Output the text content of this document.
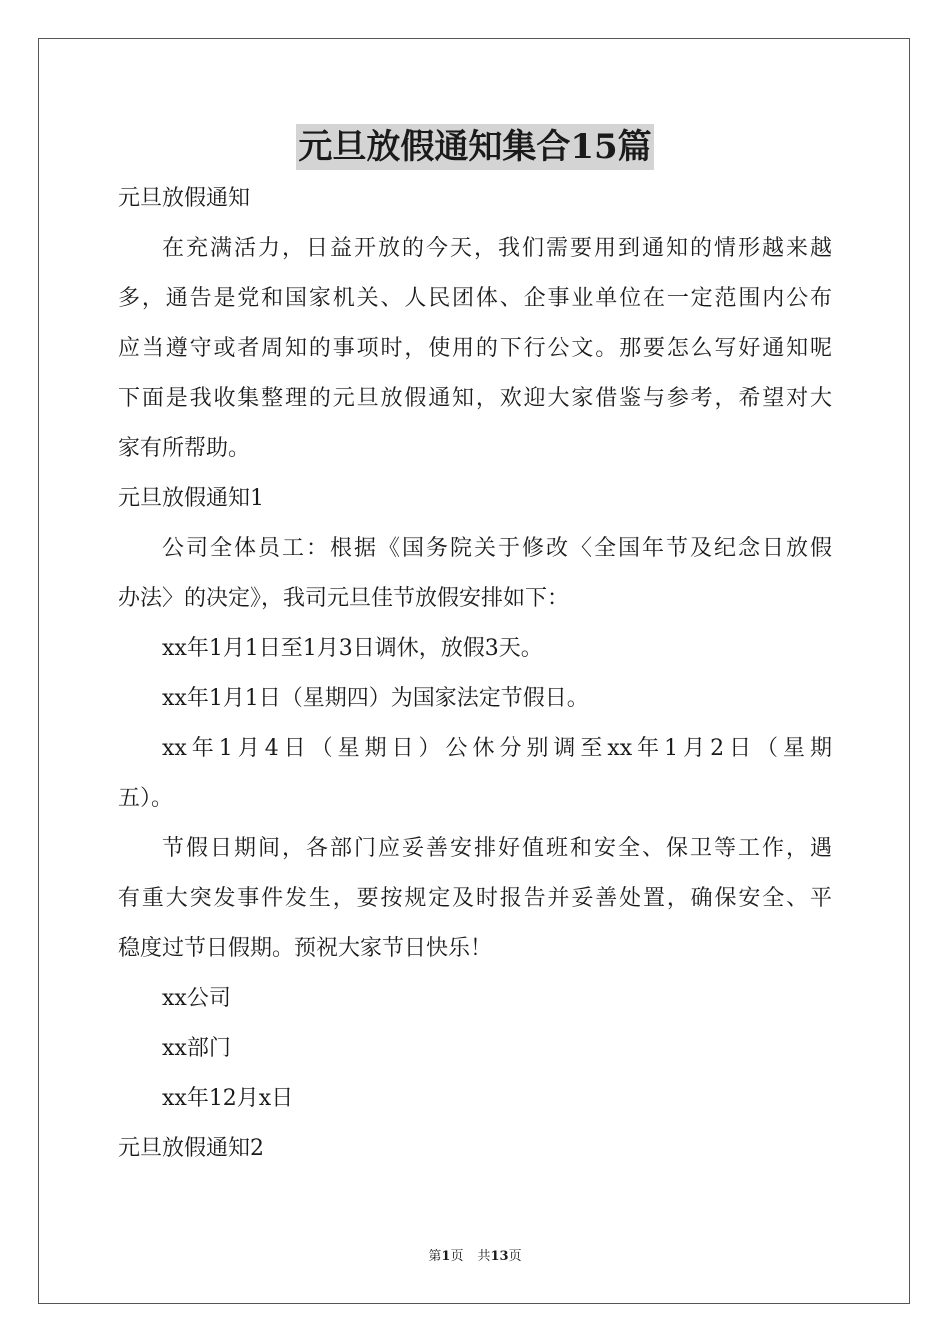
元旦放假通知集合15篇
元旦放假通知
在充满活力，日益开放的今天，我们需要用到通知的情形越来越
多，通告是党和国家机关、人民团体、企事业单位在一定范围内公布
应当遵守或者周知的事项时，使用的下行公文。那要怎么写好通知呢
下面是我收集整理的元旦放假通知，欢迎大家借鉴与参考，希望对大
家有所帮助。
元旦放假通知1
公司全体员工：根据《国务院关于修改〈全国年节及纪念日放假
办法〉的决定》，我司元旦佳节放假安排如下：
xx年1月1日至1月3日调休，放假3天。
xx年1月1日（星期四）为国家法定节假日。
xx年1月4日（星期日）公休分别调至xx年1月2日（星期
五）。
节假日期间，各部门应妥善安排好值班和安全、保卫等工作，遇
有重大突发事件发生，要按规定及时报告并妥善处置，确保安全、平
稳度过节日假期。预祝大家节日快乐！
xx公司
xx部门
xx年12月x日
元旦放假通知2
第1页 共13页
